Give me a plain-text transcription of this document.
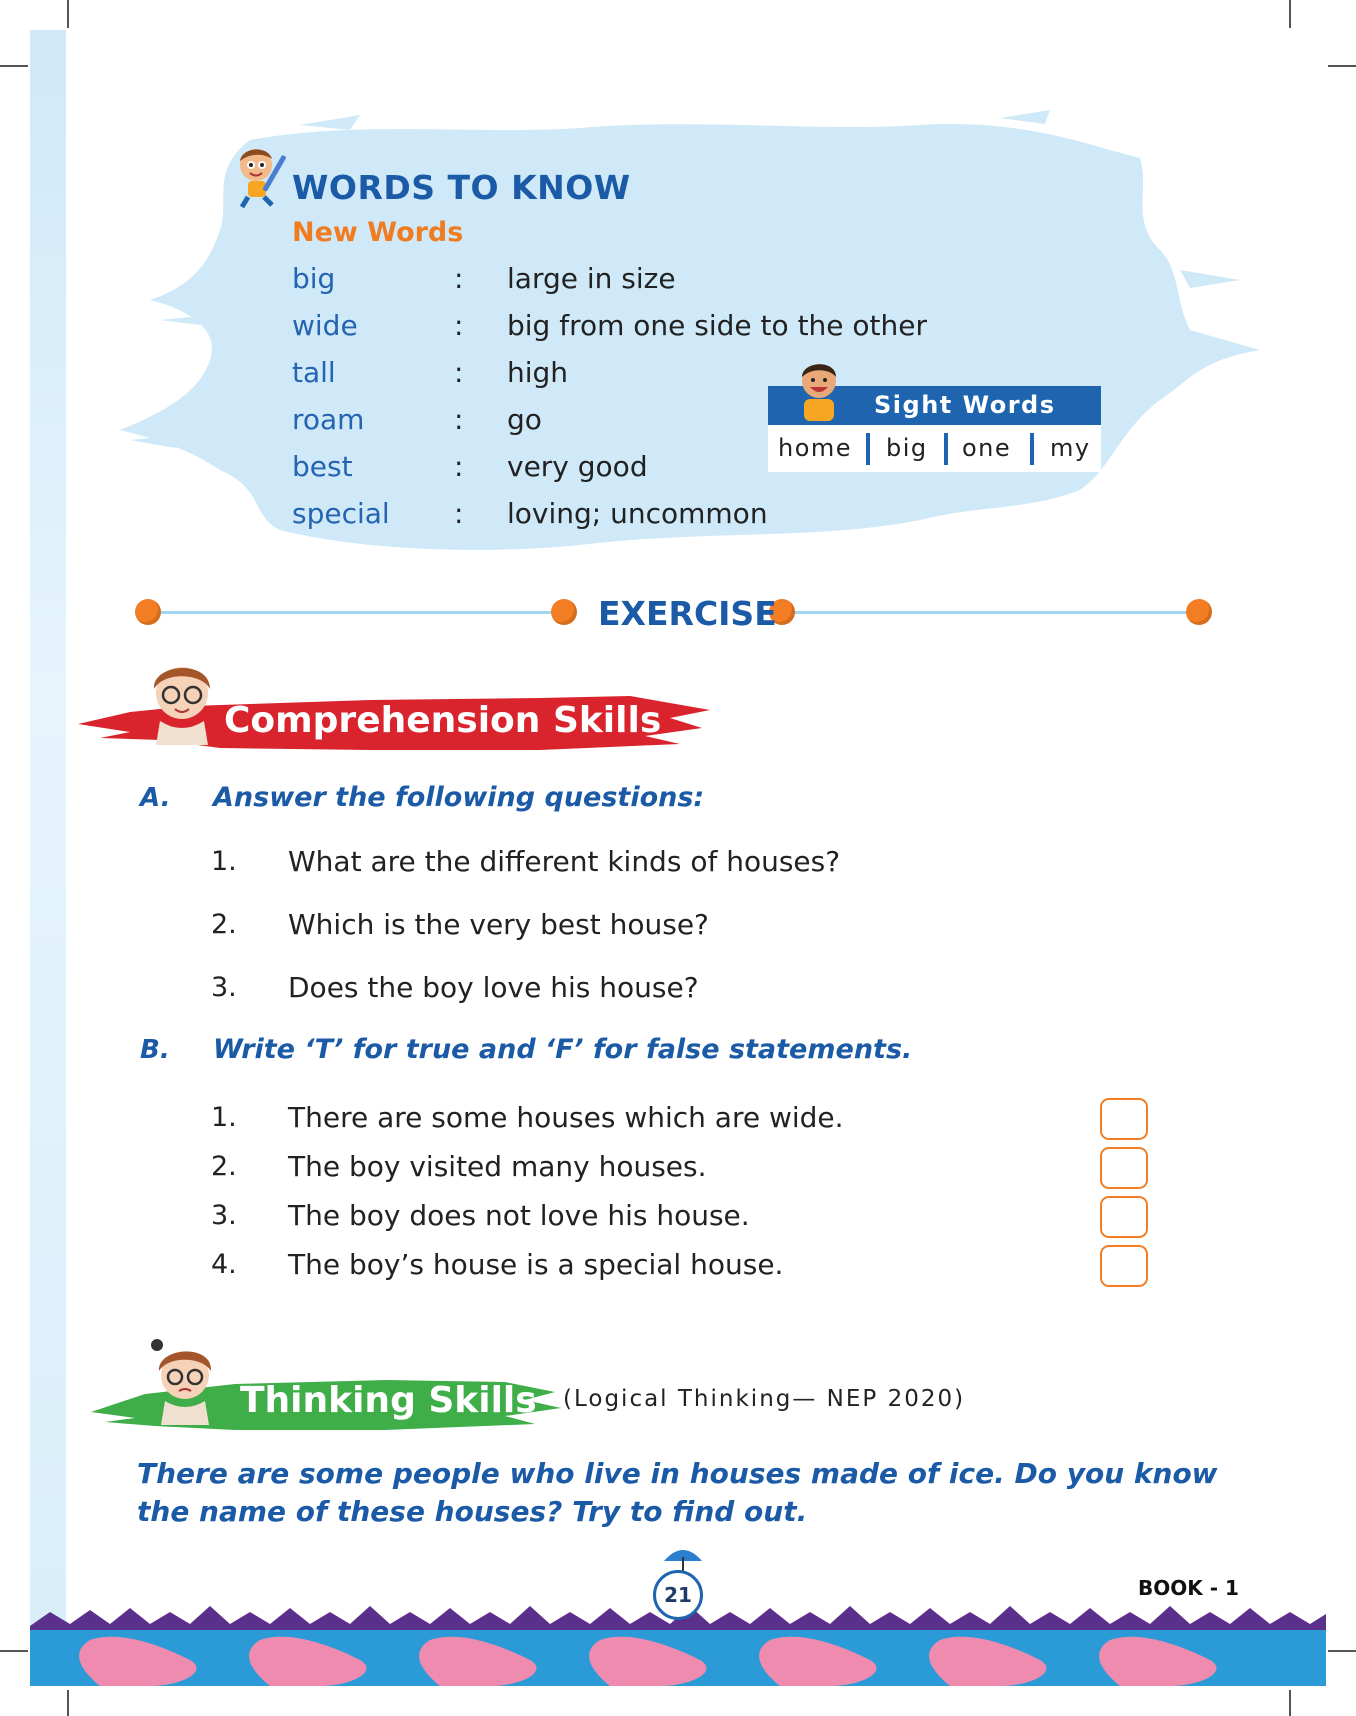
WORDS TO KNOW
New Words
big	: large in size
wide	: big from one side to the other
tall	: high
roam	: go
best	: very good
special : loving; uncommon
Sight Words
home big one my
EXERCISE
Comprehension Skills
A. Answer the following questions:
1. What are the different kinds of houses?
2. Which is the very best house?
3. Does the boy love his house?
B. Write ‘T’ for true and ‘F’ for false statements.
1. There are some houses which are wide.
2. The boy visited many houses.
3. The boy does not love his house.
4. The boy’s house is a special house.
Thinking Skills (Logical Thinking— NEP 2020)
There are some people who live in houses made of ice. Do you know the name of these houses? Try to find out.
21	BOOK - 1
